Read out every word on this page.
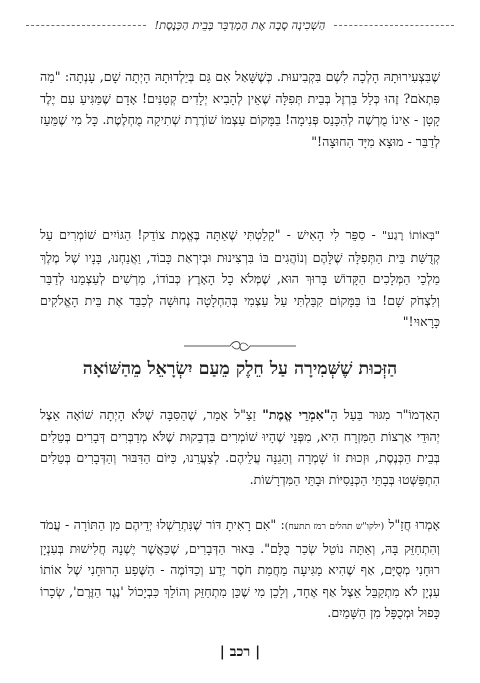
הַשְׁכִינָה סָבָה אֶת הַמְדַבֵּר בְּבֵית הַכְּנֶסֶת!
שֶׁבִּצְעִירוּתָהּ הָלְכָה לִשְׁם בִּקְבִיעוּת. כְּשֶׁשָּׁאַל אִם גַּם בְּיַלְדוּתָהּ הָיְתָה שָׁם, עָנְתָה: "מַה פִּתְאֹם? זֶהוּ כְּלַל בַּרְזֶל בְּבֵית תְּפִלָּה שֶׁאֵין לְהָבִיא יְלָדִים קְטַנִּים! אָדָם שֶׁמַּגִּיעַ עִם יֶלֶד קָטָן - אֵינוֹ מֻרְשֶׁה לְהִכָּנֵס פְּנִימָה! בַּמָּקוֹם עַצְמוֹ שׁוֹרֶרֶת שְׁתִיקָה מֻחְלֶטֶת. כָּל מִי שֶׁמֵּעֵז לְדַבֵּר - מוּצָא מִיָּד הַחוּצָה!"
"בְּאוֹתוֹ רֶגַע" - סִפֵּר לִי הָאִישׁ - "קָלַטְתִּי שֶׁאַתָּה בֶּאֱמֶת צוֹדֵק! הַגּוֹיִים שׁוֹמְרִים עַל קְדֻשַּׁת בֵּית הַתְּפִלָּה שֶׁלָּהֶם וְנוֹהֲגִים בּוֹ בִּרְצִינוּת וּבְיִרְאַת כָּבוֹד, וַאֲנַחְנוּ, בָּנָיו שֶׁל מֶלֶךְ מַלְכֵי הַמְּלָכִים הַקָּדוֹשׁ בָּרוּךְ הוּא, שֶׁמְּלֹא כָל הָאָרֶץ כְּבוֹדוֹ, מַרְשִׁים לְעַצְמֵנוּ לְדַבֵּר וְלִצְחֹק שָׁם! בּוֹ בַּמָּקוֹם קִבַּלְתִּי עַל עַצְמִי בְּהַחְלָטָה נְחוּשָׁה לְכַבֵּד אֶת בֵּית הָאֱלֹקִים כָּרָאוּי!"
הַזְּכוּת שֶׁשְּׁמִירָה עַל חֵלֶק מֵעַם יִשְׂרָאֵל מֵהַשּׁוֹאָה
הָאַדְמוֹ"ר מִגּוּר בַּעַל הָ"אִמְרֵי אֱמֶת" זַצַ"ל אָמַר, שֶׁהַסִּבָּה שֶׁלֹּא הָיְתָה שׁוֹאָה אֵצֶל יְהוּדֵי אַרְצוֹת הַמִּזְרָח הִיא, מִפְּנֵי שֶׁהָיוּ שׁוֹמְרִים בִּדְבֵקוּת שֶׁלֹּא מְדַבְּרִים דְּבָרִים בְּטֵלִים בְּבֵית הַכְּנֶסֶת, וּזְכוּת זוֹ שָׁמְרָה וְהֵגֵנָּה עֲלֵיהֶם. לְצַעֲרֵנוּ, כַּיּוֹם הַדִּבּוּר וְהַדְּבָרִים בְּטֵלִים הִתְפַּשְּׁטוּ בְּבָתֵּי הַכְּנֵסִיּוֹת וּבָתֵּי הַמִּדְרָשׁוֹת.
אָמְרוּ חֲזַ"ל (ילקו"ש תהלים רמז תתעח): "אִם רָאִיתָ דּוֹר שֶׁנִּתְרַשְׁלוּ יְדֵיהֶם מִן הַתּוֹרָה - עֲמֹד וְהִתְחַזֵּק בָּהּ, וְאַתָּה נוֹטֵל שְׂכַר כֻּלָּם". בֵּאוּר הַדְּבָרִים, שֶׁכַּאֲשֶׁר יֶשְׁנָהּ חֲלִישׁוּת בְּעִנְיָן רוּחָנִי מְסֻיָּם, אַף שֶׁהִיא מַגִּיעָה מֵחֲמַת חֹסֶר יֶדַע וְכַדּוֹמֶה - הַשֶּׁפַע הָרוּחָנִי שֶׁל אוֹתוֹ עִנְיָן לֹא מִתְקַבֵּל אֵצֶל אַף אֶחָד, וְלָכֵן מִי שֶׁכֵּן מִתְחַזֵּק וְהוֹלֵךְ כִּבְיָכוֹל 'נֶגֶד הַזֶּרֶם', שְׂכָרוֹ כָּפוּל וּמְכֻפָּל מִן הַשָּׁמַיִם.
| רכב |
